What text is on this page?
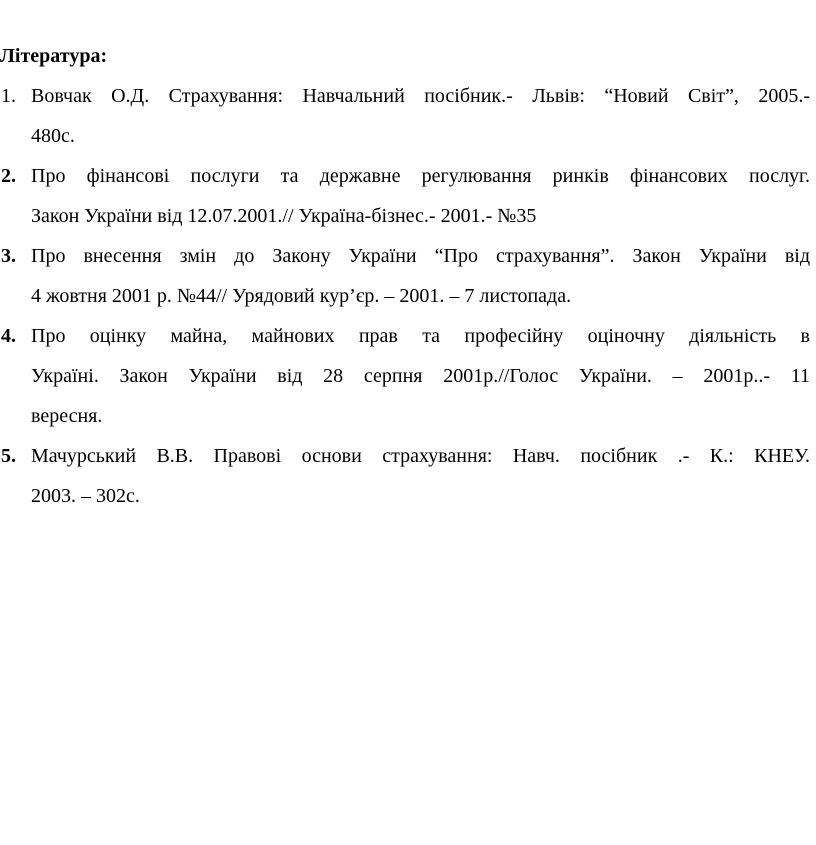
Література:
1. Вовчак О.Д. Страхування: Навчальний посібник.- Львів: “Новий Світ”, 2005.-
480с.
2. Про фінансові послуги та державне регулювання ринків фінансових послуг.
Закон України від 12.07.2001.// Україна-бізнес.- 2001.- №35
3. Про внесення змін до Закону України “Про страхування”. Закон України від
4 жовтня 2001 р. №44// Урядовий кур’єр. – 2001. – 7 листопада.
4. Про оцінку майна, майнових прав та професійну оціночну діяльність в
Україні. Закон України від 28 серпня 2001р.//Голос України. – 2001р..- 11
вересня.
5. Мачурський В.В. Правові основи страхування: Навч. посібник .- К.: КНЕУ.
2003. – 302с.
